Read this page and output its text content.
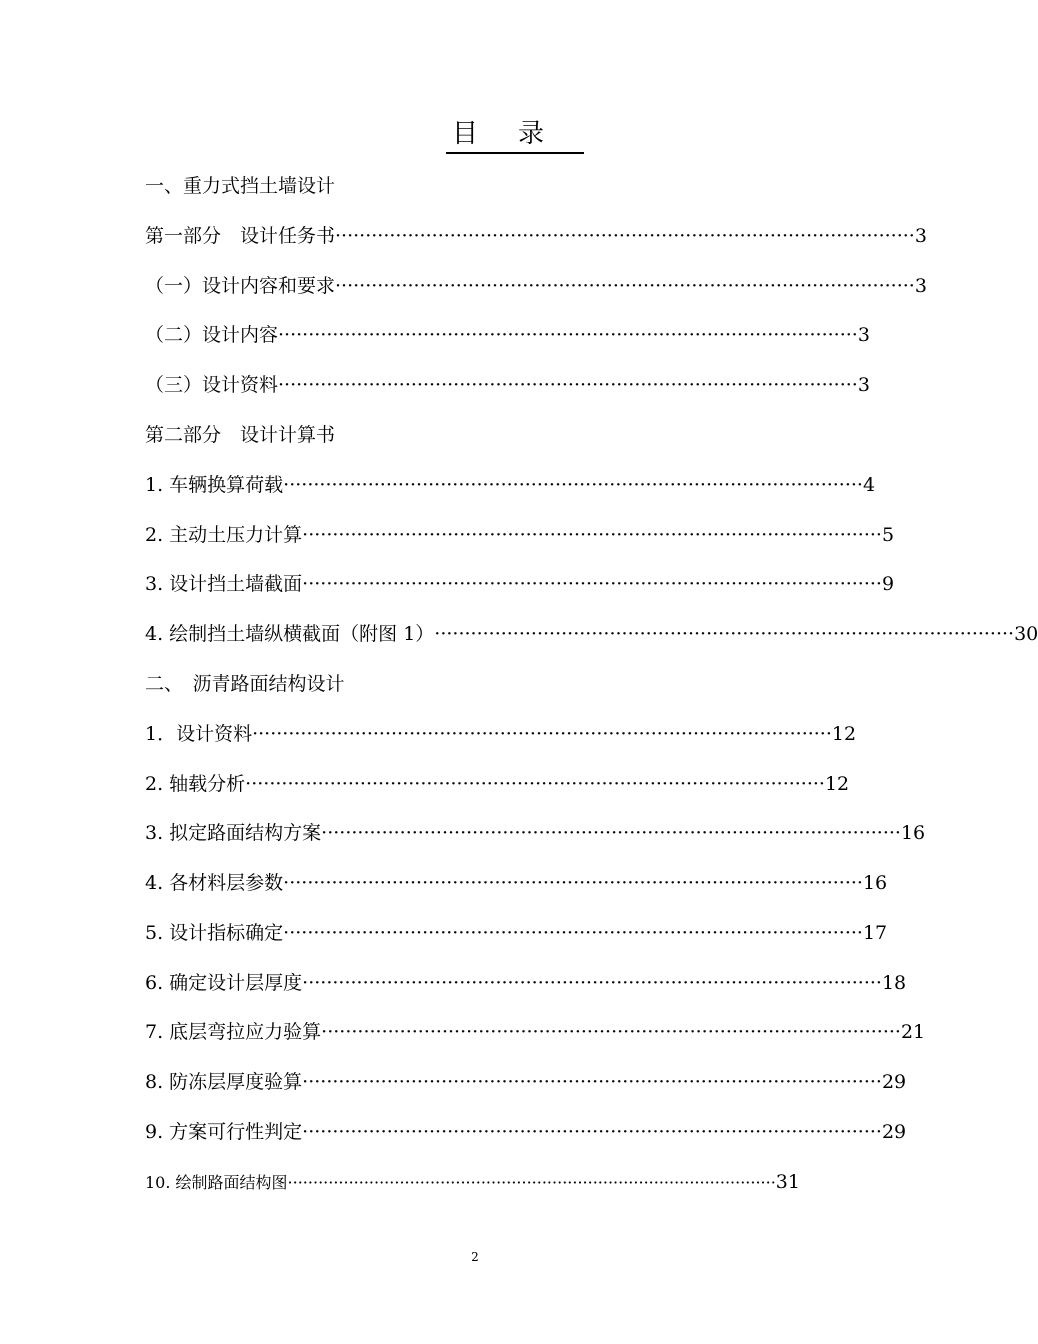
目录
一、重力式挡土墙设计
第一部分　设计任务书 ································································································ 3
（一）设计内容和要求 ································································································ 3
（二）设计内容 ································································································ 3
（三）设计资料 ································································································ 3
第二部分　设计计算书
1. 车辆换算荷载 ································································································ 4
2. 主动土压力计算 ································································································ 5
3. 设计挡土墙截面 ································································································ 9
4. 绘制挡土墙纵横截面（附图 1） ································································································ 30
二、　沥青路面结构设计
1．设计资料 ································································································ 12
2. 轴载分析 ································································································ 12
3. 拟定路面结构方案 ································································································ 16
4. 各材料层参数 ································································································ 16
5. 设计指标确定 ································································································ 17
6. 确定设计层厚度 ································································································ 18
7. 底层弯拉应力验算 ································································································ 21
8. 防冻层厚度验算 ································································································ 29
9. 方案可行性判定 ································································································ 29
10. 绘制路面结构图 ································································································ 31
2
